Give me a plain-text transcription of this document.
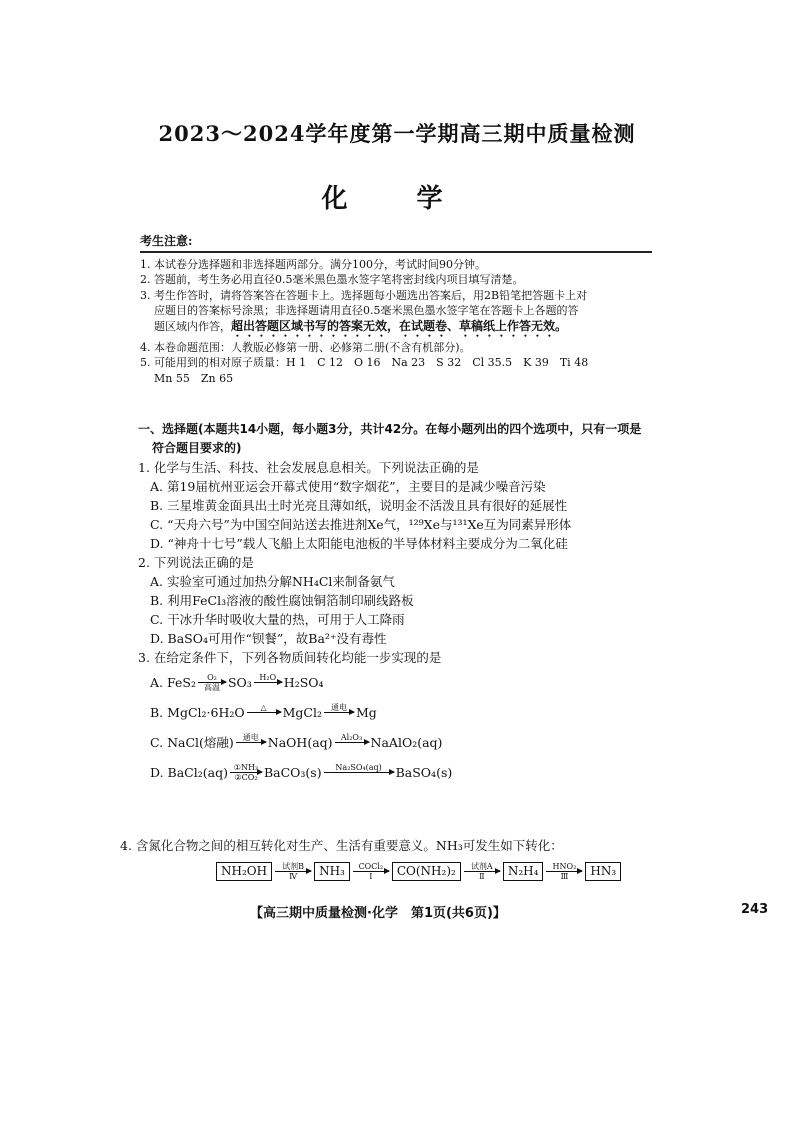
2023～2024学年度第一学期高三期中质量检测
化 学
考生注意:

1. 本试卷分选择题和非选择题两部分。满分100分，考试时间90分钟。

2. 答题前，考生务必用直径0.5毫米黑色墨水签字笔将密封线内项目填写清楚。

3. 考生作答时，请将答案答在答题卡上。选择题每小题选出答案后，用2B铅笔把答题卡上对

应题目的答案标号涂黑；非选择题请用直径0.5毫米黑色墨水签字笔在答题卡上各题的答

题区域内作答，超出答题区域书写的答案无效，在试题卷、草稿纸上作答无效。

4. 本卷命题范围：人教版必修第一册、必修第二册(不含有机部分)。

5. 可能用到的相对原子质量：H 1　C 12　O 16　Na 23　S 32　Cl 35.5　K 39　Ti 48

Mn 55　Zn 65

一、选择题(本题共14小题，每小题3分，共计42分。在每小题列出的四个选项中，只有一项是
符合题目要求的)

1. 化学与生活、科技、社会发展息息相关。下列说法正确的是

A. 第19届杭州亚运会开幕式使用“数字烟花”，主要目的是减少噪音污染

B. 三星堆黄金面具出土时光亮且薄如纸，说明金不活泼且具有很好的延展性

C. “天舟六号”为中国空间站送去推进剂Xe气，¹²⁹Xe与¹³¹Xe互为同素异形体

D. “神舟十七号”载人飞船上太阳能电池板的半导体材料主要成分为二氧化硅

2. 下列说法正确的是

A. 实验室可通过加热分解NH₄Cl来制备氨气

B. 利用FeCl₃溶液的酸性腐蚀铜箔制印刷线路板

C. 干冰升华时吸收大量的热，可用于人工降雨

D. BaSO₄可用作“钡餐”，故Ba²⁺没有毒性

3. 在给定条件下，下列各物质间转化均能一步实现的是

A.
FeS₂ O₂
高温 SO₃ H₂O H₂SO₄
B.
MgCl₂·6H₂O △ MgCl₂ 通电 Mg
C.
NaCl(熔融) 通电 NaOH(aq) Al₂O₃ NaAlO₂(aq)
D.
BaCl₂(aq) ①NH₃
②CO₂ BaCO₃(s) Na₂SO₄(aq) BaSO₄(s)

4. 含氮化合物之间的相互转化对生产、生活有重要意义。NH₃可发生如下转化：

NH₂OH	试剂B
Ⅳ	NH₃	COCl₂
Ⅰ	CO(NH₂)₂	试剂A
Ⅱ	N₂H₄	HNO₂
Ⅲ	HN₃
【高三期中质量检测·化学　第1页(共6页)】	243
